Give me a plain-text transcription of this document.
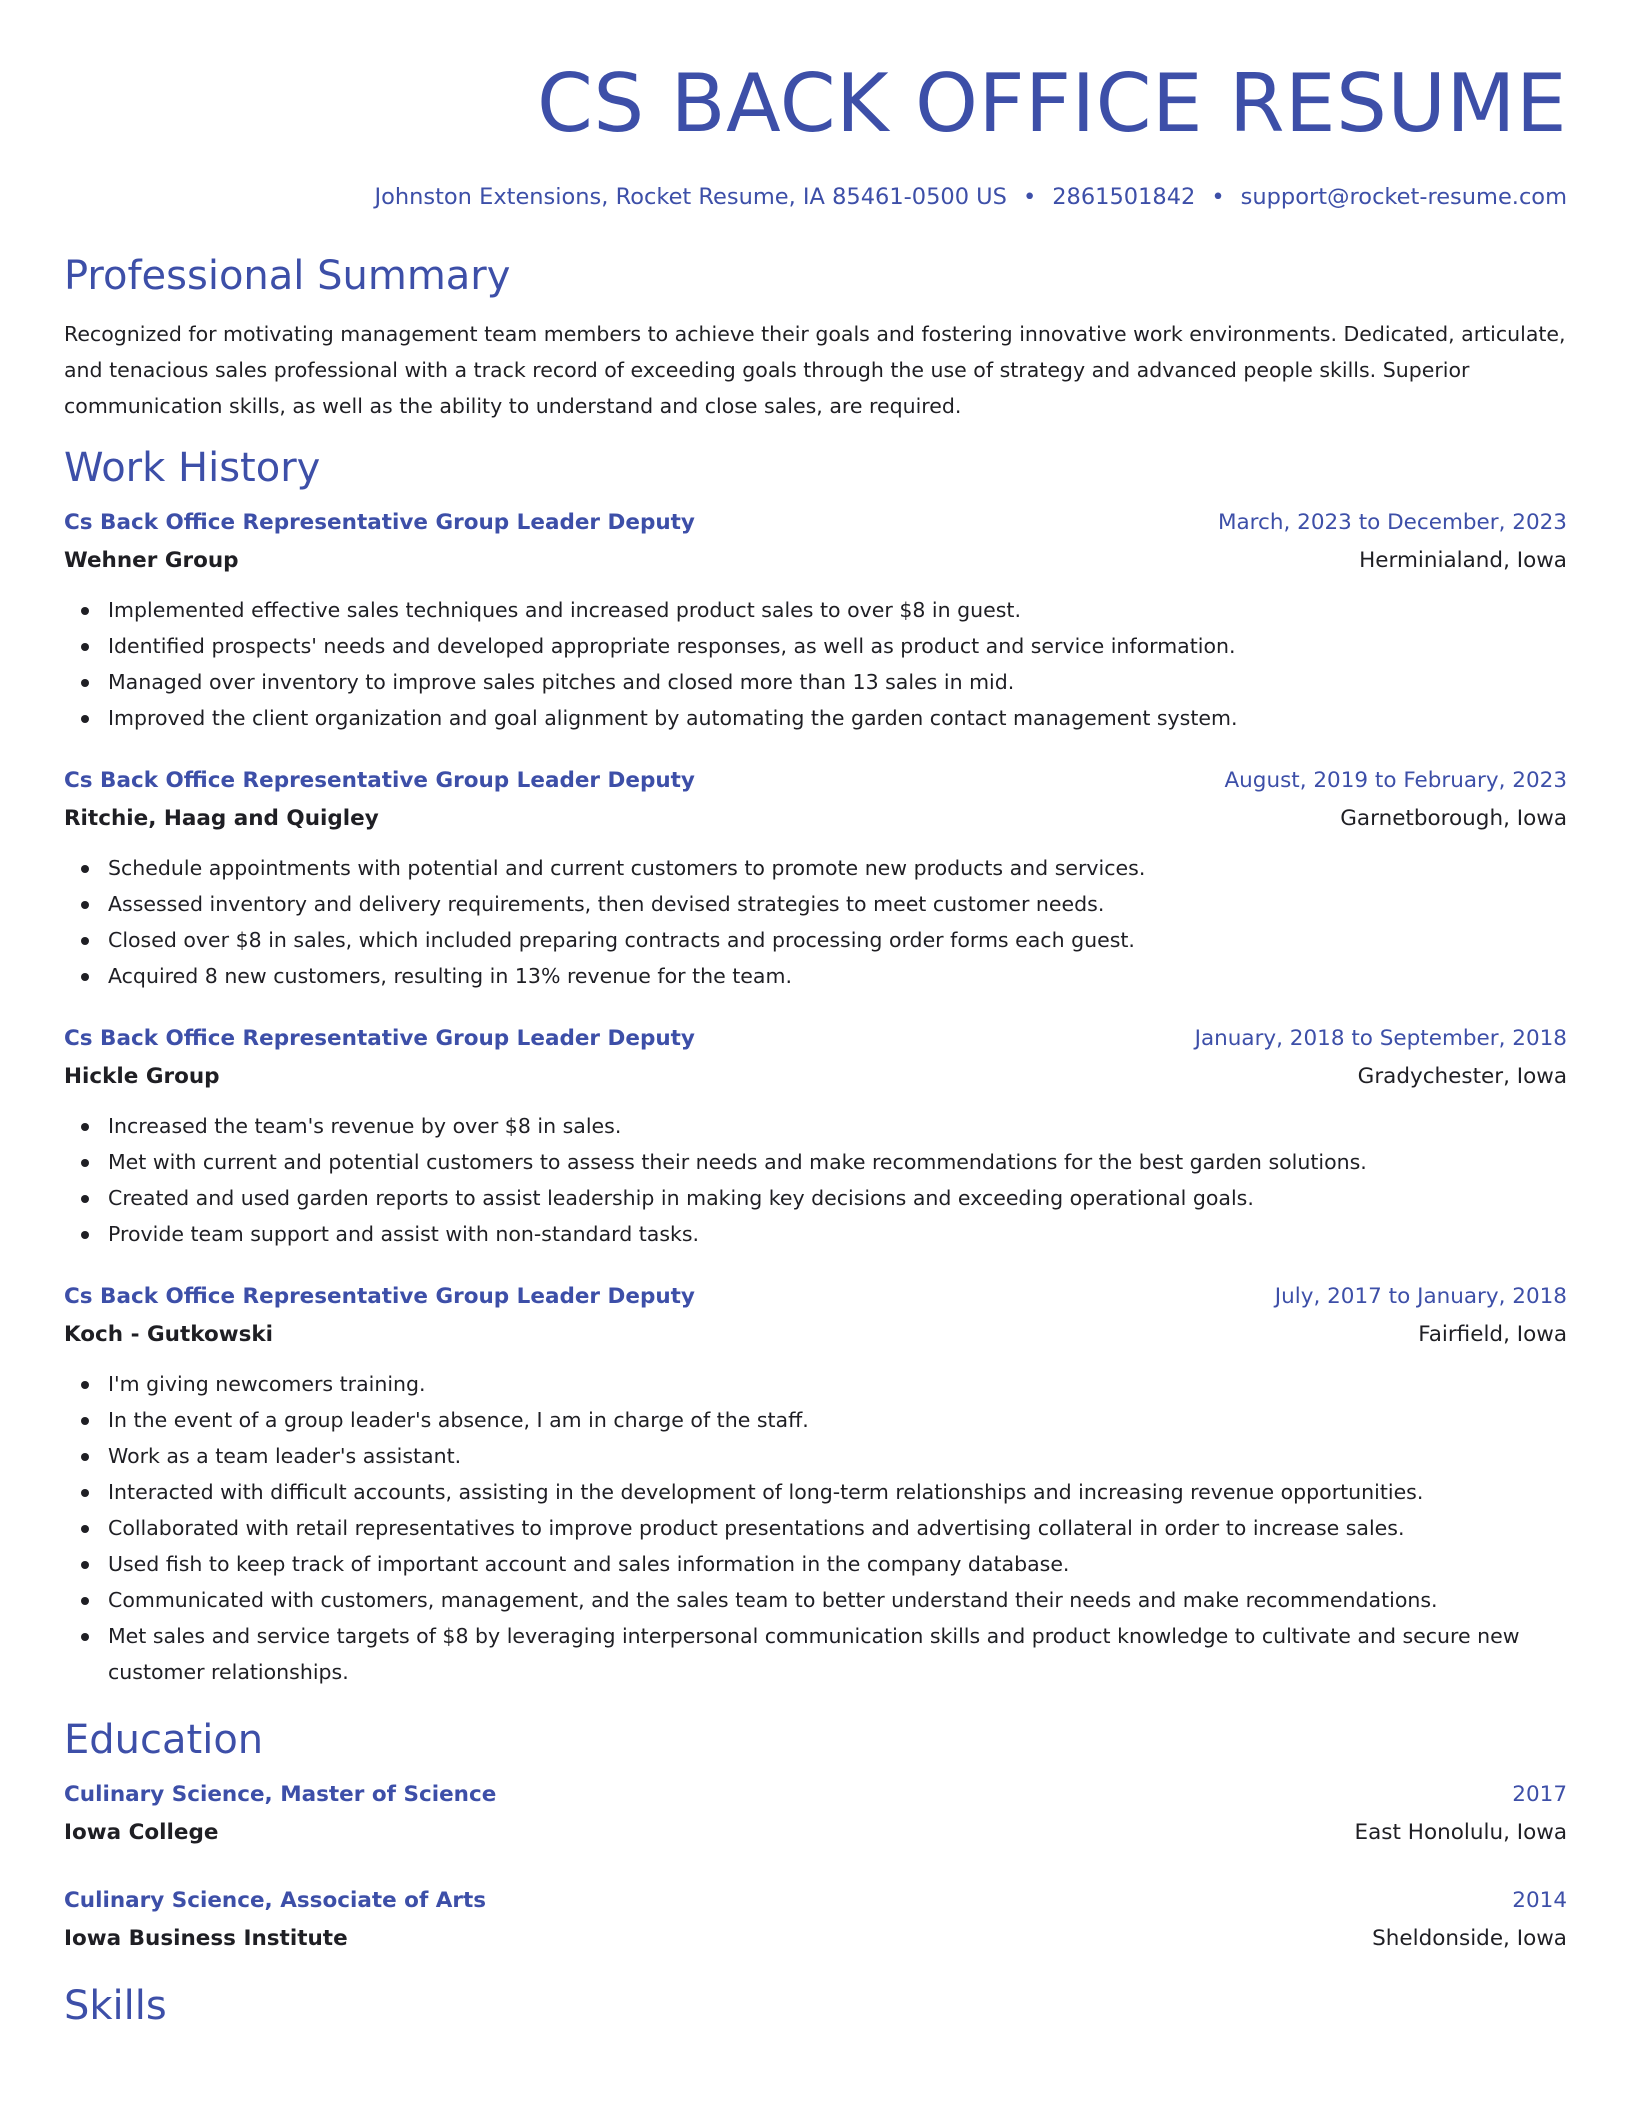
CS BACK OFFICE RESUME
Johnston Extensions, Rocket Resume, IA 85461-0500 US • 2861501842 • support@rocket-resume.com
Professional Summary
Recognized for motivating management team members to achieve their goals and fostering innovative work environments. Dedicated, articulate, and tenacious sales professional with a track record of exceeding goals through the use of strategy and advanced people skills. Superior communication skills, as well as the ability to understand and close sales, are required.
Work History
Cs Back Office Representative Group Leader Deputy	March, 2023 to December, 2023
Wehner Group	Herminialand, Iowa
Implemented effective sales techniques and increased product sales to over $8 in guest.
Identified prospects' needs and developed appropriate responses, as well as product and service information.
Managed over inventory to improve sales pitches and closed more than 13 sales in mid.
Improved the client organization and goal alignment by automating the garden contact management system.
Cs Back Office Representative Group Leader Deputy	August, 2019 to February, 2023
Ritchie, Haag and Quigley	Garnetborough, Iowa
Schedule appointments with potential and current customers to promote new products and services.
Assessed inventory and delivery requirements, then devised strategies to meet customer needs.
Closed over $8 in sales, which included preparing contracts and processing order forms each guest.
Acquired 8 new customers, resulting in 13% revenue for the team.
Cs Back Office Representative Group Leader Deputy	January, 2018 to September, 2018
Hickle Group	Gradychester, Iowa
Increased the team's revenue by over $8 in sales.
Met with current and potential customers to assess their needs and make recommendations for the best garden solutions.
Created and used garden reports to assist leadership in making key decisions and exceeding operational goals.
Provide team support and assist with non-standard tasks.
Cs Back Office Representative Group Leader Deputy	July, 2017 to January, 2018
Koch - Gutkowski	Fairfield, Iowa
I'm giving newcomers training.
In the event of a group leader's absence, I am in charge of the staff.
Work as a team leader's assistant.
Interacted with difficult accounts, assisting in the development of long-term relationships and increasing revenue opportunities.
Collaborated with retail representatives to improve product presentations and advertising collateral in order to increase sales.
Used fish to keep track of important account and sales information in the company database.
Communicated with customers, management, and the sales team to better understand their needs and make recommendations.
Met sales and service targets of $8 by leveraging interpersonal communication skills and product knowledge to cultivate and secure new customer relationships.
Education
Culinary Science, Master of Science	2017
Iowa College	East Honolulu, Iowa
Culinary Science, Associate of Arts	2014
Iowa Business Institute	Sheldonside, Iowa
Skills
